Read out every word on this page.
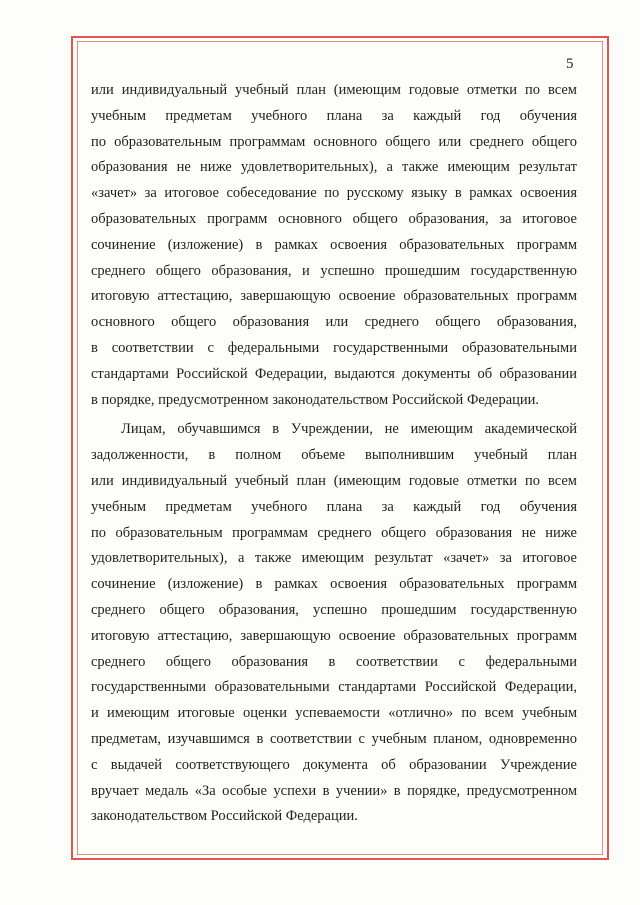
5
или индивидуальный учебный план (имеющим годовые отметки по всем
учебным предметам учебного плана за каждый год обучения
по образовательным программам основного общего или среднего общего
образования не ниже удовлетворительных), а также имеющим результат
«зачет» за итоговое собеседование по русскому языку в рамках освоения
образовательных программ основного общего образования, за итоговое
сочинение (изложение) в рамках освоения образовательных программ
среднего общего образования, и успешно прошедшим государственную
итоговую аттестацию, завершающую освоение образовательных программ
основного общего образования или среднего общего образования,
в соответствии с федеральными государственными образовательными
стандартами Российской Федерации, выдаются документы об образовании
в порядке, предусмотренном законодательством Российской Федерации.
Лицам, обучавшимся в Учреждении, не имеющим академической
задолженности, в полном объеме выполнившим учебный план
или индивидуальный учебный план (имеющим годовые отметки по всем
учебным предметам учебного плана за каждый год обучения
по образовательным программам среднего общего образования не ниже
удовлетворительных), а также имеющим результат «зачет» за итоговое
сочинение (изложение) в рамках освоения образовательных программ
среднего общего образования, успешно прошедшим государственную
итоговую аттестацию, завершающую освоение образовательных программ
среднего общего образования в соответствии с федеральными
государственными образовательными стандартами Российской Федерации,
и имеющим итоговые оценки успеваемости «отлично» по всем учебным
предметам, изучавшимся в соответствии с учебным планом, одновременно
с выдачей соответствующего документа об образовании Учреждение
вручает медаль «За особые успехи в учении» в порядке, предусмотренном
законодательством Российской Федерации.
